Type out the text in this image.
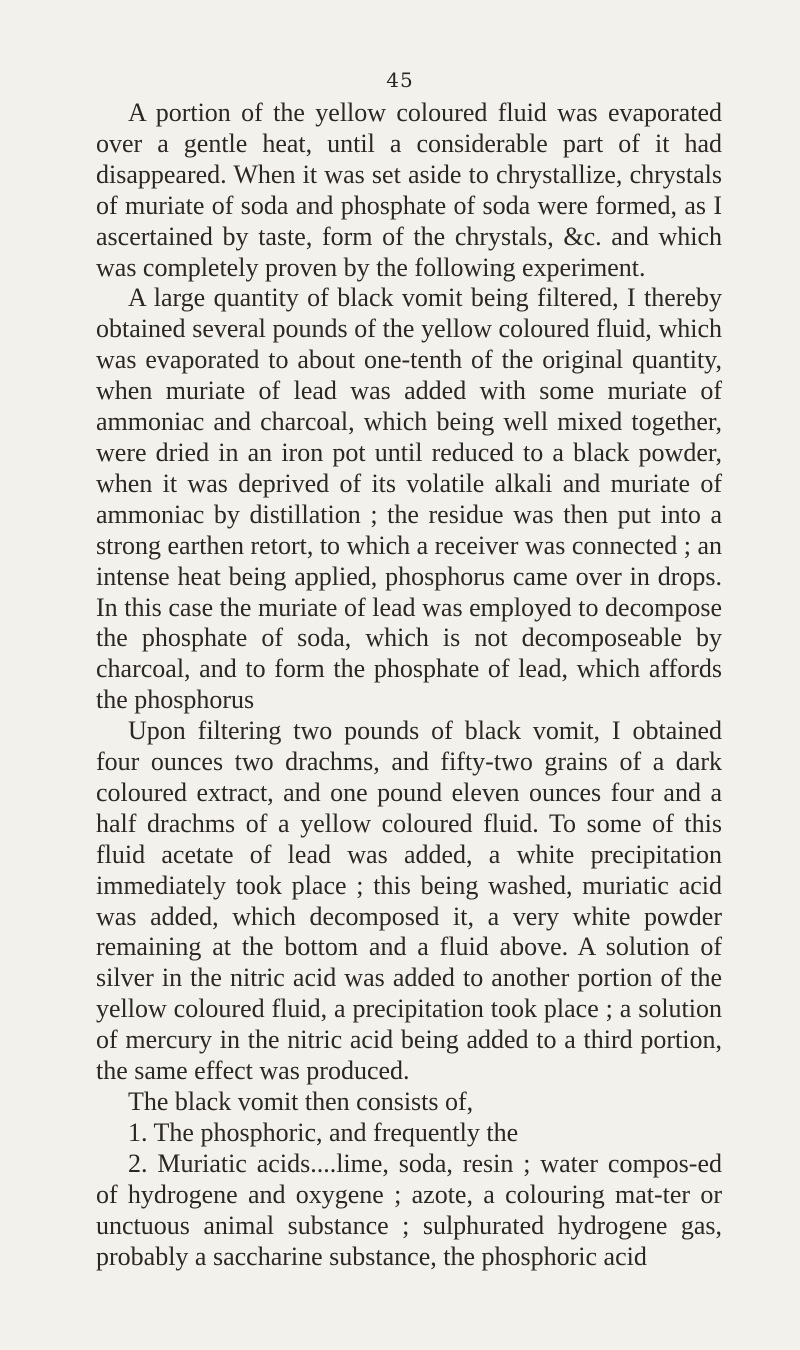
45

A portion of the yellow coloured fluid was evaporated over a gentle heat, until a considerable part of it had disappeared. When it was set aside to chrystallize, chrystals of muriate of soda and phosphate of soda were formed, as I ascertained by taste, form of the chrystals, &c. and which was completely proven by the following experiment.

A large quantity of black vomit being filtered, I thereby obtained several pounds of the yellow coloured fluid, which was evaporated to about one-tenth of the original quantity, when muriate of lead was added with some muriate of ammoniac and charcoal, which being well mixed together, were dried in an iron pot until reduced to a black powder, when it was deprived of its volatile alkali and muriate of ammoniac by distillation ; the residue was then put into a strong earthen retort, to which a receiver was connected ; an intense heat being applied, phosphorus came over in drops. In this case the muriate of lead was employed to decompose the phosphate of soda, which is not decomposeable by charcoal, and to form the phosphate of lead, which affords the phosphorus

Upon filtering two pounds of black vomit, I obtained four ounces two drachms, and fifty-two grains of a dark coloured extract, and one pound eleven ounces four and a half drachms of a yellow coloured fluid. To some of this fluid acetate of lead was added, a white precipitation immediately took place ; this being washed, muriatic acid was added, which decomposed it, a very white powder remaining at the bottom and a fluid above. A solution of silver in the nitric acid was added to another portion of the yellow coloured fluid, a precipitation took place ; a solution of mercury in the nitric acid being added to a third portion, the same effect was produced.

The black vomit then consists of,

1. The phosphoric, and frequently the

2. Muriatic acids....lime, soda, resin ; water compos-ed of hydrogene and oxygene ; azote, a colouring mat-ter or unctuous animal substance ; sulphurated hydrogene gas, probably a saccharine substance, the phosphoric acid
